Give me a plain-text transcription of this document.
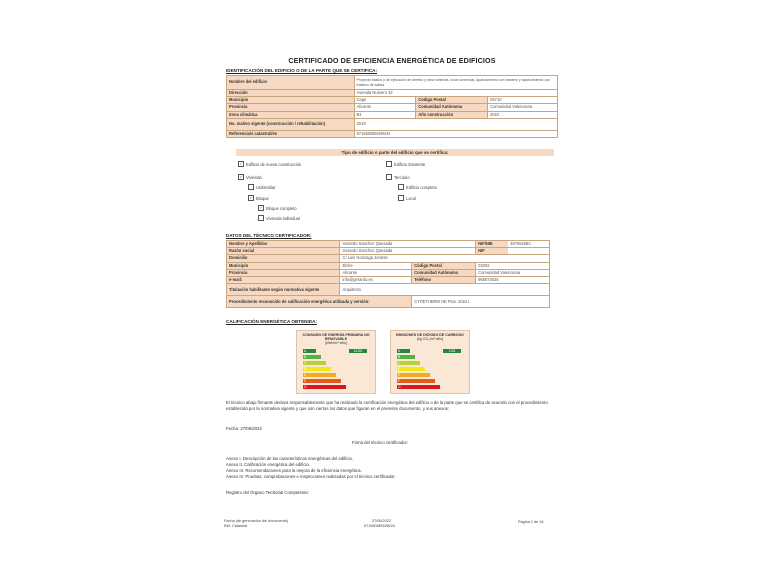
CERTIFICADO DE EFICIENCIA ENERGÉTICA DE EDIFICIOS
IDENTIFICACIÓN DEL EDIFICIO O DE LA PARTE QUE SE CERTIFICA:
Nombre del edificio	Proyecto básico y de ejecución de derribo y obra vivienda, local comercial, aparcamiento con trastero y aparcamiento con trastero de salida		
Dirección	Avenida Numero 32		
Municipio	Cege	Codigo Postal	03710
Provincia	Alicante	Comunidad Autónoma	Comunidad Valenciana
Zona climática	B4	Año construcción	2022
No. mativo vigente (construcción / rehabilitación)	2019		
Referencia/s catastral/es	6715508EB4961N		
Tipo de edificio o parte del edificio que se certifica:
✓ Edificio de nueva construcción	Edificio Existente
✓ Vivienda	Terciario
Unifamiliar	Edificio completo
✓ Bloque	Local
✓ Bloque completo
Vivienda individual
DATOS DEL TÉCNICO CERTIFICADOR:
Nombre y Apellidos	Gerardo Sanchez Quesada		NIF/NIE 48755268C
Razón social	Gerardo Sanchez Quesada		NIF
Domicilio	C/ Luis Gonzaga Jorante		
Municipio	Elche	Código Postal	03202
Provincia	Alicante	Comunidad Autónoma	Comunidad Valenciana
e-mail:	info@gerardo.es	Teléfono	965074025
Titulación habilitante según normativa vigente	Arquitecto		
Procedimiento reconocido de calificación energética utilizada y versión:		CYPETHERM HE Plus. 2022.i	
CALIFICACIÓN ENERGÉTICA OBTENIDA:
CONSUMO DE ENERGÍA PRIMARIA NO RENOVABLE
[kWh/m²·año]
A
B
C
D
E
F
G
14.50
EMISIONES DE DIÓXIDO DE CARBONO
[kg CO₂/m²·año]
A
B
C
D
E
F
G
2.45
El técnico abajo firmante declara responsablemente que ha realizado la certificación energética del edificio o de la parte que se certifica de acuerdo con el procedimiento establecido por la normativa vigente y que son ciertos los datos que figuran en el presente documento, y sus anexos:
Fecha: 27/06/2022
Firma del técnico certificador:
Anexo I. Descripción de las características energéticas del edificio.
Anexo II. Calificación energética del edificio.
Anexo III. Recomendaciones para la mejora de la eficiencia energética.
Anexo IV. Pruebas, comprobaciones e inspecciones realizadas por el técnico certificador.
Registro del Órgano Territorial Competente:
Fecha (de generación del documento)
Ref. Catastral
27/06/2022
6715508EB4961N
Página 1 de 16
